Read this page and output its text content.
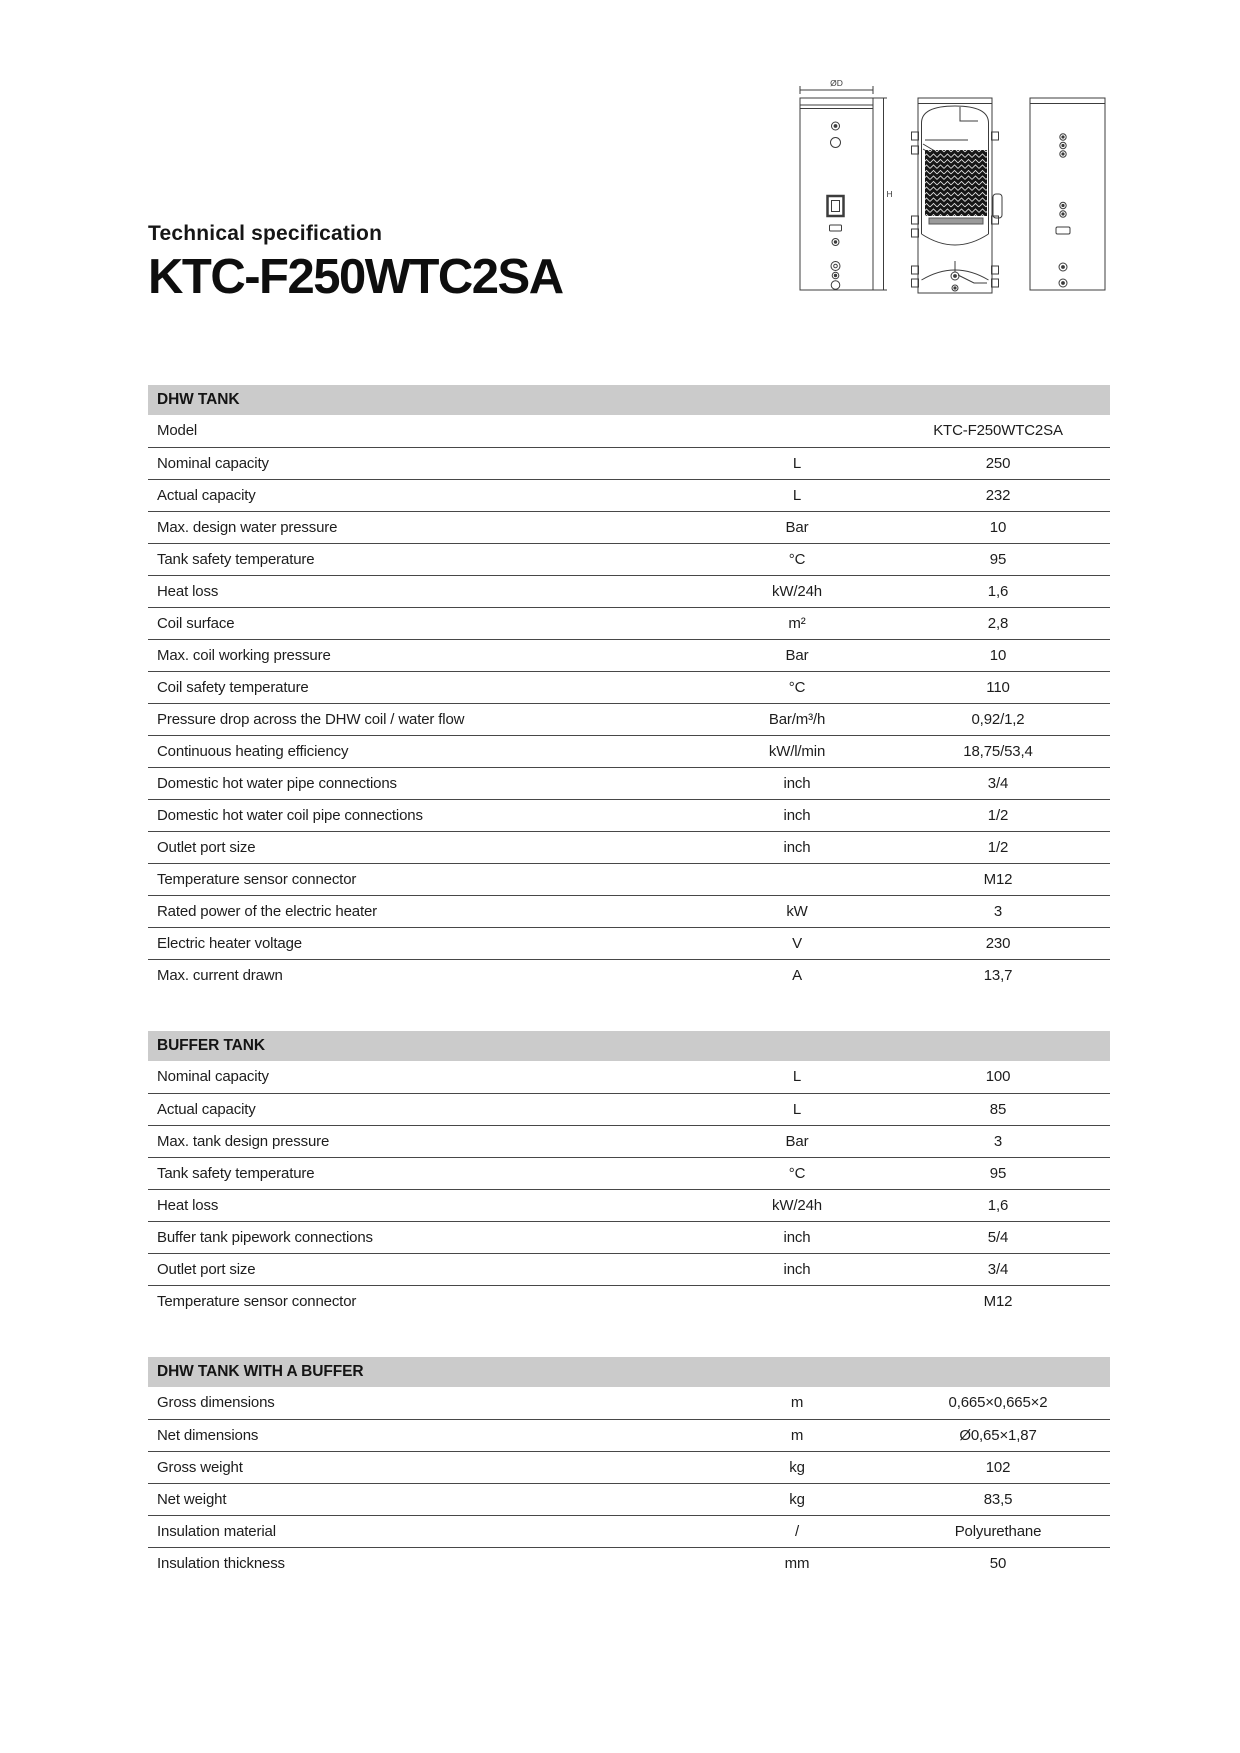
ØD
H
Technical specification
KTC-F250WTC2SA
DHW TANK
Model		KTC-F250WTC2SA
Nominal capacity	L	250
Actual capacity	L	232
Max. design water pressure	Bar	10
Tank safety temperature	°C	95
Heat loss	kW/24h	1,6
Coil surface	m²	2,8
Max. coil working pressure	Bar	10
Coil safety temperature	°C	110
Pressure drop across the DHW coil / water flow	Bar/m³/h	0,92/1,2
Continuous heating efficiency	kW/l/min	18,75/53,4
Domestic hot water pipe connections	inch	3/4
Domestic hot water coil pipe connections	inch	1/2
Outlet port size	inch	1/2
Temperature sensor connector		M12
Rated power of the electric heater	kW	3
Electric heater voltage	V	230
Max. current drawn	A	13,7
BUFFER TANK
Nominal capacity	L	100
Actual capacity	L	85
Max. tank design pressure	Bar	3
Tank safety temperature	°C	95
Heat loss	kW/24h	1,6
Buffer tank pipework connections	inch	5/4
Outlet port size	inch	3/4
Temperature sensor connector		M12
DHW TANK WITH A BUFFER
Gross dimensions	m	0,665×0,665×2
Net dimensions	m	Ø0,65×1,87
Gross weight	kg	102
Net weight	kg	83,5
Insulation material	/	Polyurethane
Insulation thickness	mm	50
